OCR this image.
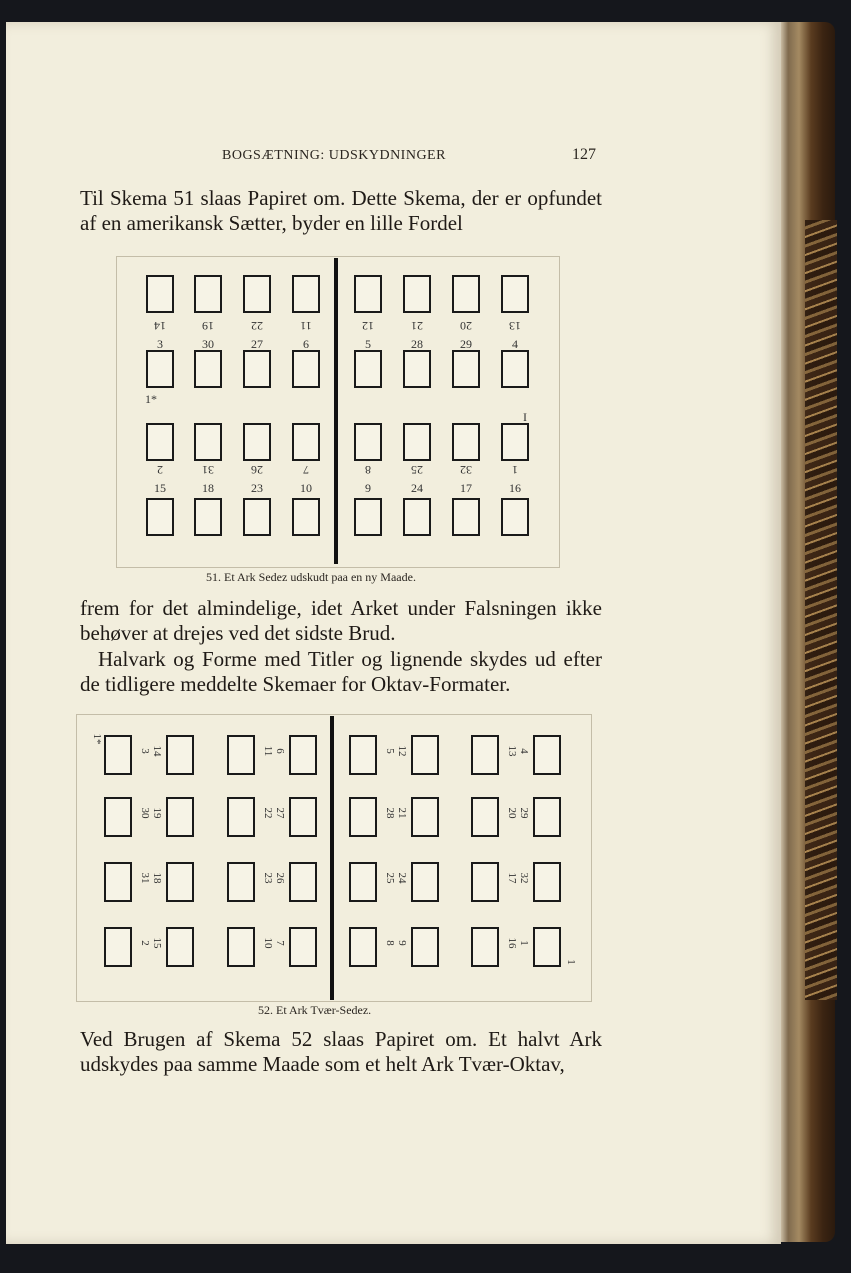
BOGSÆTNING: UDSKYDNINGER	127
Til Skema 51 slaas Papiret om. Dette Skema, der er opfundet af en amerikansk Sætter, byder en lille Fordel
14	19	22	11	12	21	20	13
3	30	27	6	5	28	29	4
2	31	26	7	8	25	32	1
15	18	23	10	9	24	17	16
1*
I
51. Et Ark Sedez udskudt paa en ny Maade.
frem for det almindelige, idet Arket under Falsningen ikke behøver at drejes ved det sidste Brud.
Halvark og Forme med Titler og lignende skydes ud efter de tidligere meddelte Skemaer for Oktav-Formater.
3 14	11 6	5 12	13 4
30 19	22 27	28 21	20 29
31 18	23 26	25 24	17 32
2 15	10 7	8 9	16 1
1*
1
52. Et Ark Tvær-Sedez.
Ved Brugen af Skema 52 slaas Papiret om. Et halvt Ark udskydes paa samme Maade som et helt Ark Tvær-Oktav,
